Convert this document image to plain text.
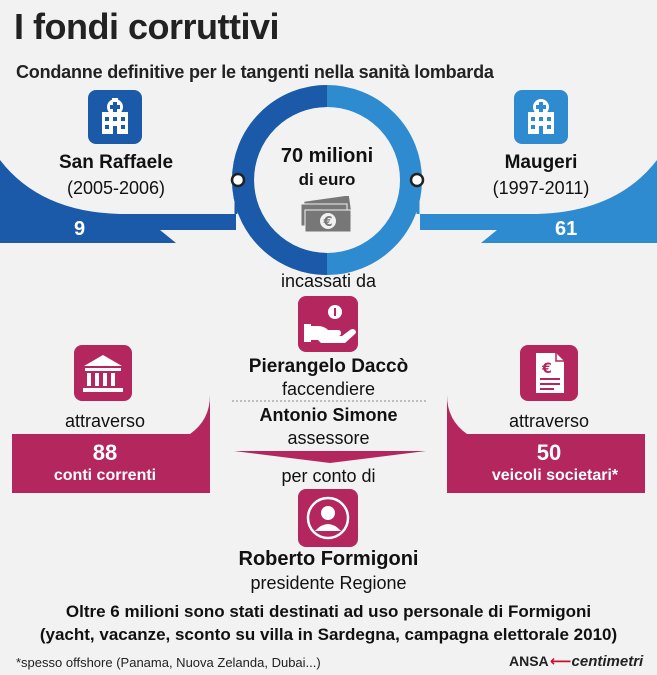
I fondi corruttivi
Condanne definitive per le tangenti nella sanità lombarda
San Raffaele
(2005-2006)
9
Maugeri
(1997-2011)
61
70 milioni
di euro
€
incassati da
Pierangelo Daccò
faccendiere
Antonio Simone
assessore
per conto di
attraverso
88
conti correnti
€
attraverso
50
veicoli societari*
Roberto Formigoni
presidente Regione
Oltre 6 milioni sono stati destinati ad uso personale di Formigoni
(yacht, vacanze, sconto su villa in Sardegna, campagna elettorale 2010)
*spesso offshore (Panama, Nuova Zelanda, Dubai...)	ANSA ⟵centimetri
